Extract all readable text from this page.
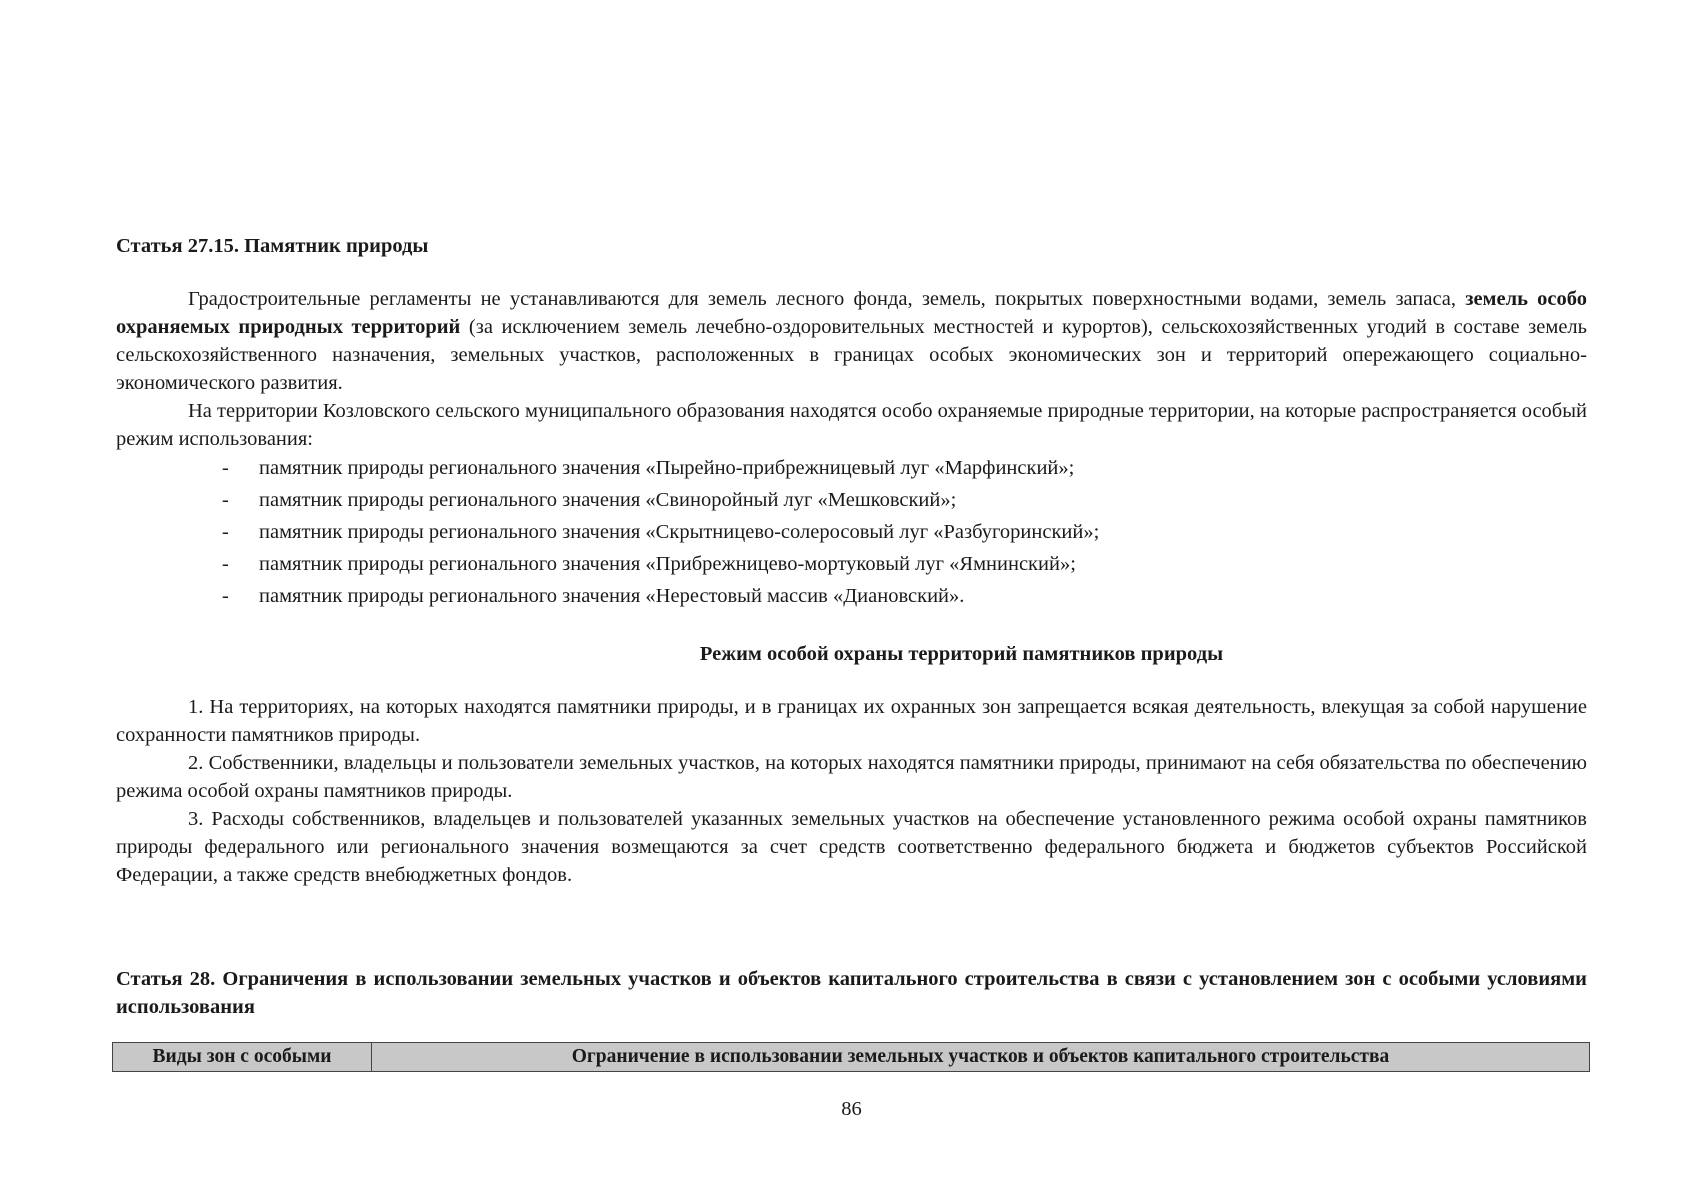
Статья 27.15. Памятник природы

Градостроительные регламенты не устанавливаются для земель лесного фонда, земель, покрытых поверхностными водами, земель запаса, земель особо охраняемых природных территорий (за исключением земель лечебно-оздоровительных местностей и курортов), сельскохозяйственных угодий в составе земель сельскохозяйственного назначения, земельных участков, расположенных в границах особых экономических зон и территорий опережающего социально-экономического развития.

На территории Козловского сельского муниципального образования находятся особо охраняемые природные территории, на которые распространяется особый режим использования:

- памятник природы регионального значения «Пырейно-прибрежницевый луг «Марфинский»;
- памятник природы регионального значения «Свиноройный луг «Мешковский»;
- памятник природы регионального значения «Скрытницево-солеросовый луг «Разбугоринский»;
- памятник природы регионального значения «Прибрежницево-мортуковый луг «Ямнинский»;
- памятник природы регионального значения «Нерестовый массив «Диановский».
Режим особой охраны территорий памятников природы

1. На территориях, на которых находятся памятники природы, и в границах их охранных зон запрещается всякая деятельность, влекущая за собой нарушение сохранности памятников природы.

2. Собственники, владельцы и пользователи земельных участков, на которых находятся памятники природы, принимают на себя обязательства по обеспечению режима особой охраны памятников природы.

3. Расходы собственников, владельцев и пользователей указанных земельных участков на обеспечение установленного режима особой охраны памятников природы федерального или регионального значения возмещаются за счет средств соответственно федерального бюджета и бюджетов субъектов Российской Федерации, а также средств внебюджетных фондов.

Статья 28. Ограничения в использовании земельных участков и объектов капитального строительства в связи с установлением зон с особыми условиями использования
Виды зон с особыми	Ограничение в использовании земельных участков и объектов капитального строительства
86
